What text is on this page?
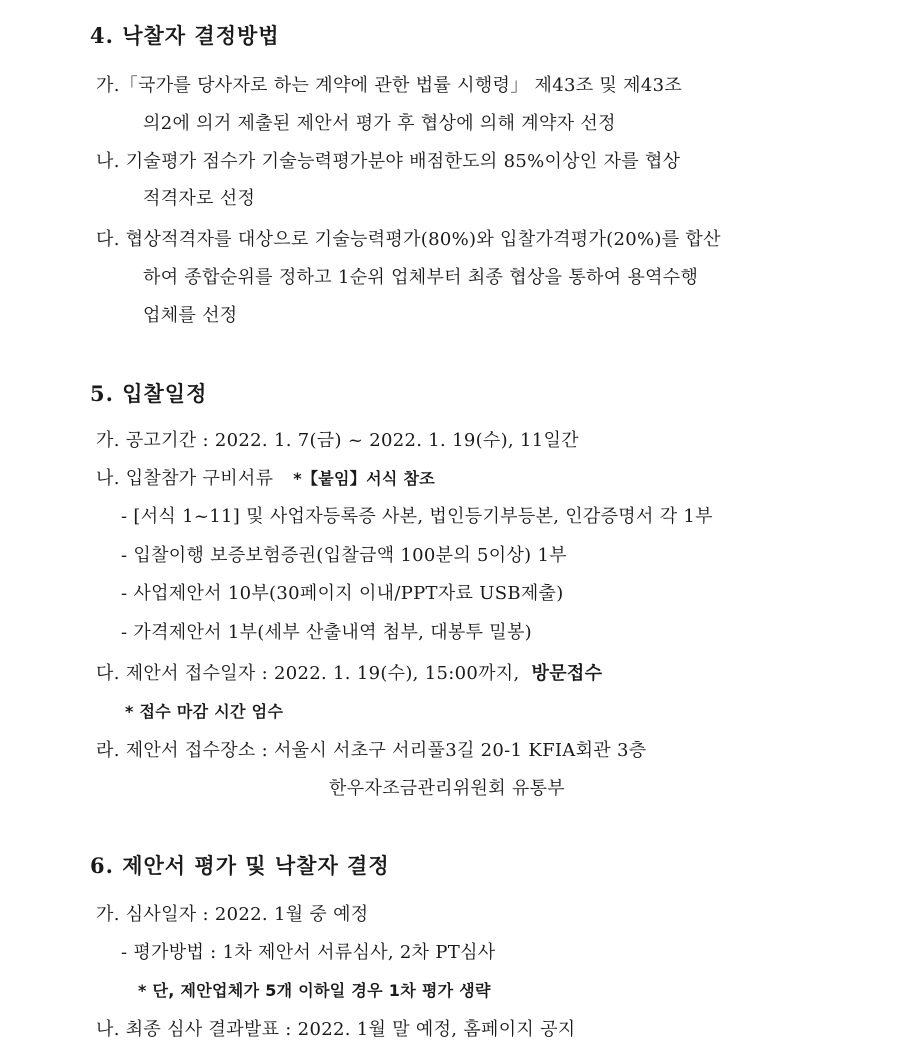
4. 낙찰자 결정방법
가.「국가를 당사자로 하는 계약에 관한 법률 시행령」 제43조 및 제43조
의2에 의거 제출된 제안서 평가 후 협상에 의해 계약자 선정
나. 기술평가 점수가 기술능력평가분야 배점한도의 85%이상인 자를 협상
적격자로 선정
다. 협상적격자를 대상으로 기술능력평가(80%)와 입찰가격평가(20%)를 합산
하여 종합순위를 정하고 1순위 업체부터 최종 협상을 통하여 용역수행
업체를 선정
5. 입찰일정
가. 공고기간 : 2022. 1. 7(금) ~ 2022. 1. 19(수), 11일간
나. 입찰참가 구비서류 *【붙임】서식 참조
- [서식 1~11] 및 사업자등록증 사본, 법인등기부등본, 인감증명서 각 1부
- 입찰이행 보증보험증권(입찰금액 100분의 5이상) 1부
- 사업제안서 10부(30페이지 이내/PPT자료 USB제출)
- 가격제안서 1부(세부 산출내역 첨부, 대봉투 밀봉)
다. 제안서 접수일자 : 2022. 1. 19(수), 15:00까지, 방문접수
* 접수 마감 시간 엄수
라. 제안서 접수장소 : 서울시 서초구 서리풀3길 20-1 KFIA회관 3층
한우자조금관리위원회 유통부
6. 제안서 평가 및 낙찰자 결정
가. 심사일자 : 2022. 1월 중 예정
- 평가방법 : 1차 제안서 서류심사, 2차 PT심사
* 단, 제안업체가 5개 이하일 경우 1차 평가 생략
나. 최종 심사 결과발표 : 2022. 1월 말 예정, 홈페이지 공지
